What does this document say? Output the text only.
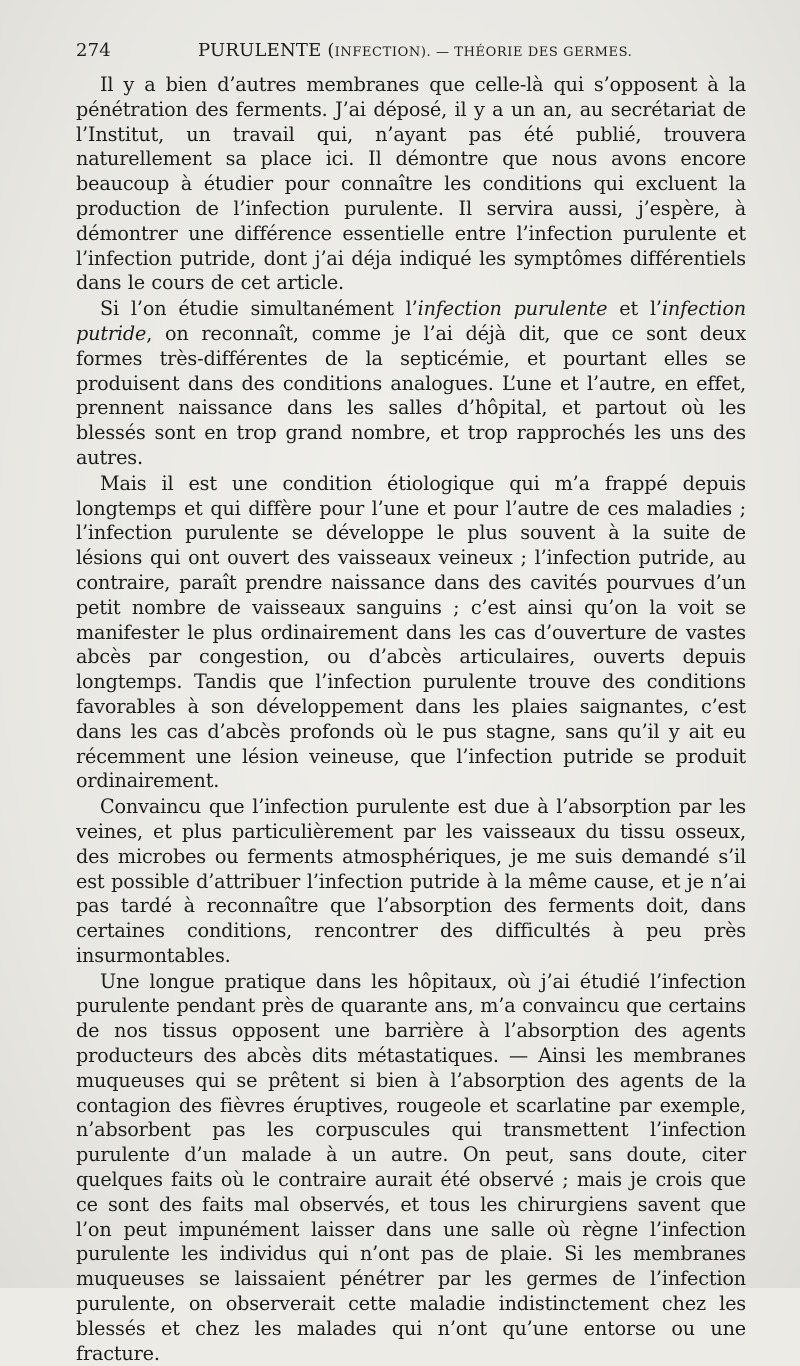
274	PURULENTE (INFECTION). — THÉORIE DES GERMES.

Il y a bien d’autres membranes que celle-là qui s’opposent à la pénétration des ferments. J’ai déposé, il y a un an, au secrétariat de l’Institut, un travail qui, n’ayant pas été publié, trouvera naturellement sa place ici. Il démontre que nous avons encore beaucoup à étudier pour connaître les conditions qui excluent la production de l’infection purulente. Il servira aussi, j’espère, à démontrer une différence essentielle entre l’infection purulente et l’infection putride, dont j’ai déja indiqué les symptômes différentiels dans le cours de cet article.

Si l’on étudie simultanément l’infection purulente et l’infection putride, on reconnaît, comme je l’ai déjà dit, que ce sont deux formes très-différentes de la septicémie, et pourtant elles se produisent dans des conditions analogues. L’une et l’autre, en effet, prennent naissance dans les salles d’hôpital, et partout où les blessés sont en trop grand nombre, et trop rapprochés les uns des autres.

Mais il est une condition étiologique qui m’a frappé depuis longtemps et qui diffère pour l’une et pour l’autre de ces maladies ; l’infection purulente se développe le plus souvent à la suite de lésions qui ont ouvert des vaisseaux veineux ; l’infection putride, au contraire, paraît prendre naissance dans des cavités pourvues d’un petit nombre de vaisseaux sanguins ; c’est ainsi qu’on la voit se manifester le plus ordinairement dans les cas d’ouverture de vastes abcès par congestion, ou d’abcès articulaires, ouverts depuis longtemps. Tandis que l’infection purulente trouve des conditions favorables à son développement dans les plaies saignantes, c’est dans les cas d’abcès profonds où le pus stagne, sans qu’il y ait eu récemment une lésion veineuse, que l’infection putride se produit ordinairement.

Convaincu que l’infection purulente est due à l’absorption par les veines, et plus particulièrement par les vaisseaux du tissu osseux, des microbes ou ferments atmosphériques, je me suis demandé s’il est possible d’attribuer l’infection putride à la même cause, et je n’ai pas tardé à reconnaître que l’absorption des ferments doit, dans certaines conditions, rencontrer des difficultés à peu près insurmontables.

Une longue pratique dans les hôpitaux, où j’ai étudié l’infection purulente pendant près de quarante ans, m’a convaincu que certains de nos tissus opposent une barrière à l’absorption des agents producteurs des abcès dits métastatiques. — Ainsi les membranes muqueuses qui se prêtent si bien à l’absorption des agents de la contagion des fièvres éruptives, rougeole et scarlatine par exemple, n’absorbent pas les corpuscules qui transmettent l’infection purulente d’un malade à un autre. On peut, sans doute, citer quelques faits où le contraire aurait été observé ; mais je crois que ce sont des faits mal observés, et tous les chirurgiens savent que l’on peut impunément laisser dans une salle où règne l’infection purulente les individus qui n’ont pas de plaie. Si les membranes muqueuses se laissaient pénétrer par les germes de l’infection purulente, on observerait cette maladie indistinctement chez les blessés et chez les malades qui n’ont qu’une entorse ou une fracture.
